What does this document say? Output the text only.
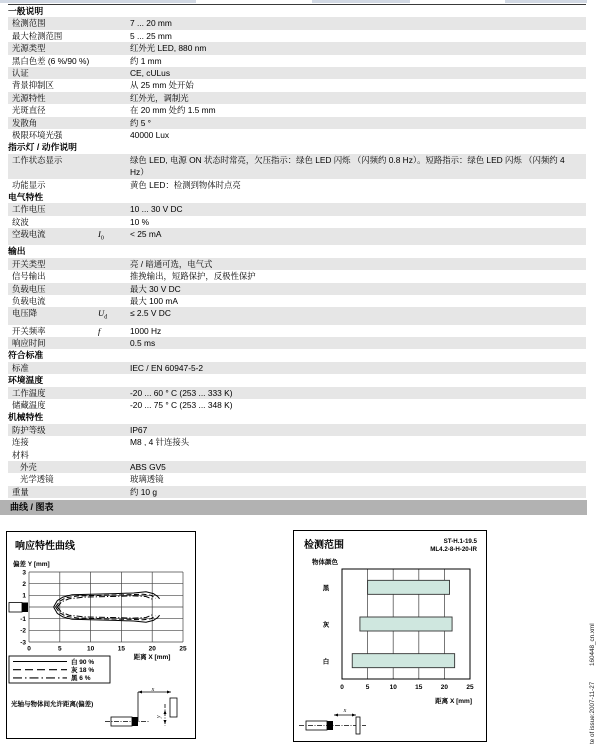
一般说明
检测范围	7 ... 20 mm
最大检测范围	5 ... 25 mm
光源类型	红外光 LED, 880 nm
黑白色差 (6 %/90 %)	约 1 mm
认证	CE, cULus
背景抑制区	从 25 mm 处开始
光源特性	红外光，调制光
光斑直径	在 20 mm 处约 1.5 mm
发散角	约 5 °
极限环境光强	40000 Lux
指示灯 / 动作说明
工作状态显示	绿色 LED, 电源 ON 状态时常亮，欠压指示：绿色 LED 闪烁 （闪频约 0.8 Hz）。短路指示：绿色 LED 闪烁 （闪频约 4 Hz）
功能显示	黄色 LED：检测到物体时点亮
电气特性
工作电压	10 ... 30 V DC
纹波	10 %
空载电流	$I_0$	< 25 mA
输出
开关类型	亮 / 暗通可选，电气式
信号输出	推挽输出，短路保护，反极性保护
负载电压	最大 30 V DC
负载电流	最大 100 mA
电压降	$U_d$	≤ 2.5 V DC
开关频率	f	1000 Hz
响应时间	0.5 ms
符合标准
标准	IEC / EN 60947-5-2
环境温度
工作温度	-20 ... 60 ° C (253 ... 333 K)
储藏温度	-20 ... 75 ° C (253 ... 348 K)
机械特性
防护等级	IP67
连接	M8 , 4 针连接头
材料
外壳	ABS GV5
光学透镜	玻璃透镜
重量	约 10 g
曲线 / 图表
响应特性曲线
偏差 Y [mm]
0	5	10	15	20	25
3
2
1
-1
-2
-3
距离 X [mm]
白 90 %
灰 18 %
黑 6 %
光轴与物体间允许距离(偏差)
x
y
检测范围	ST-H.1-19.5
ML4.2-8-H-20-IR
物体颜色
0	5	10	15	20	25
黑
灰
白
距离 X [mm]
x	te of issue:2007-11-27 160448_cn.xml
